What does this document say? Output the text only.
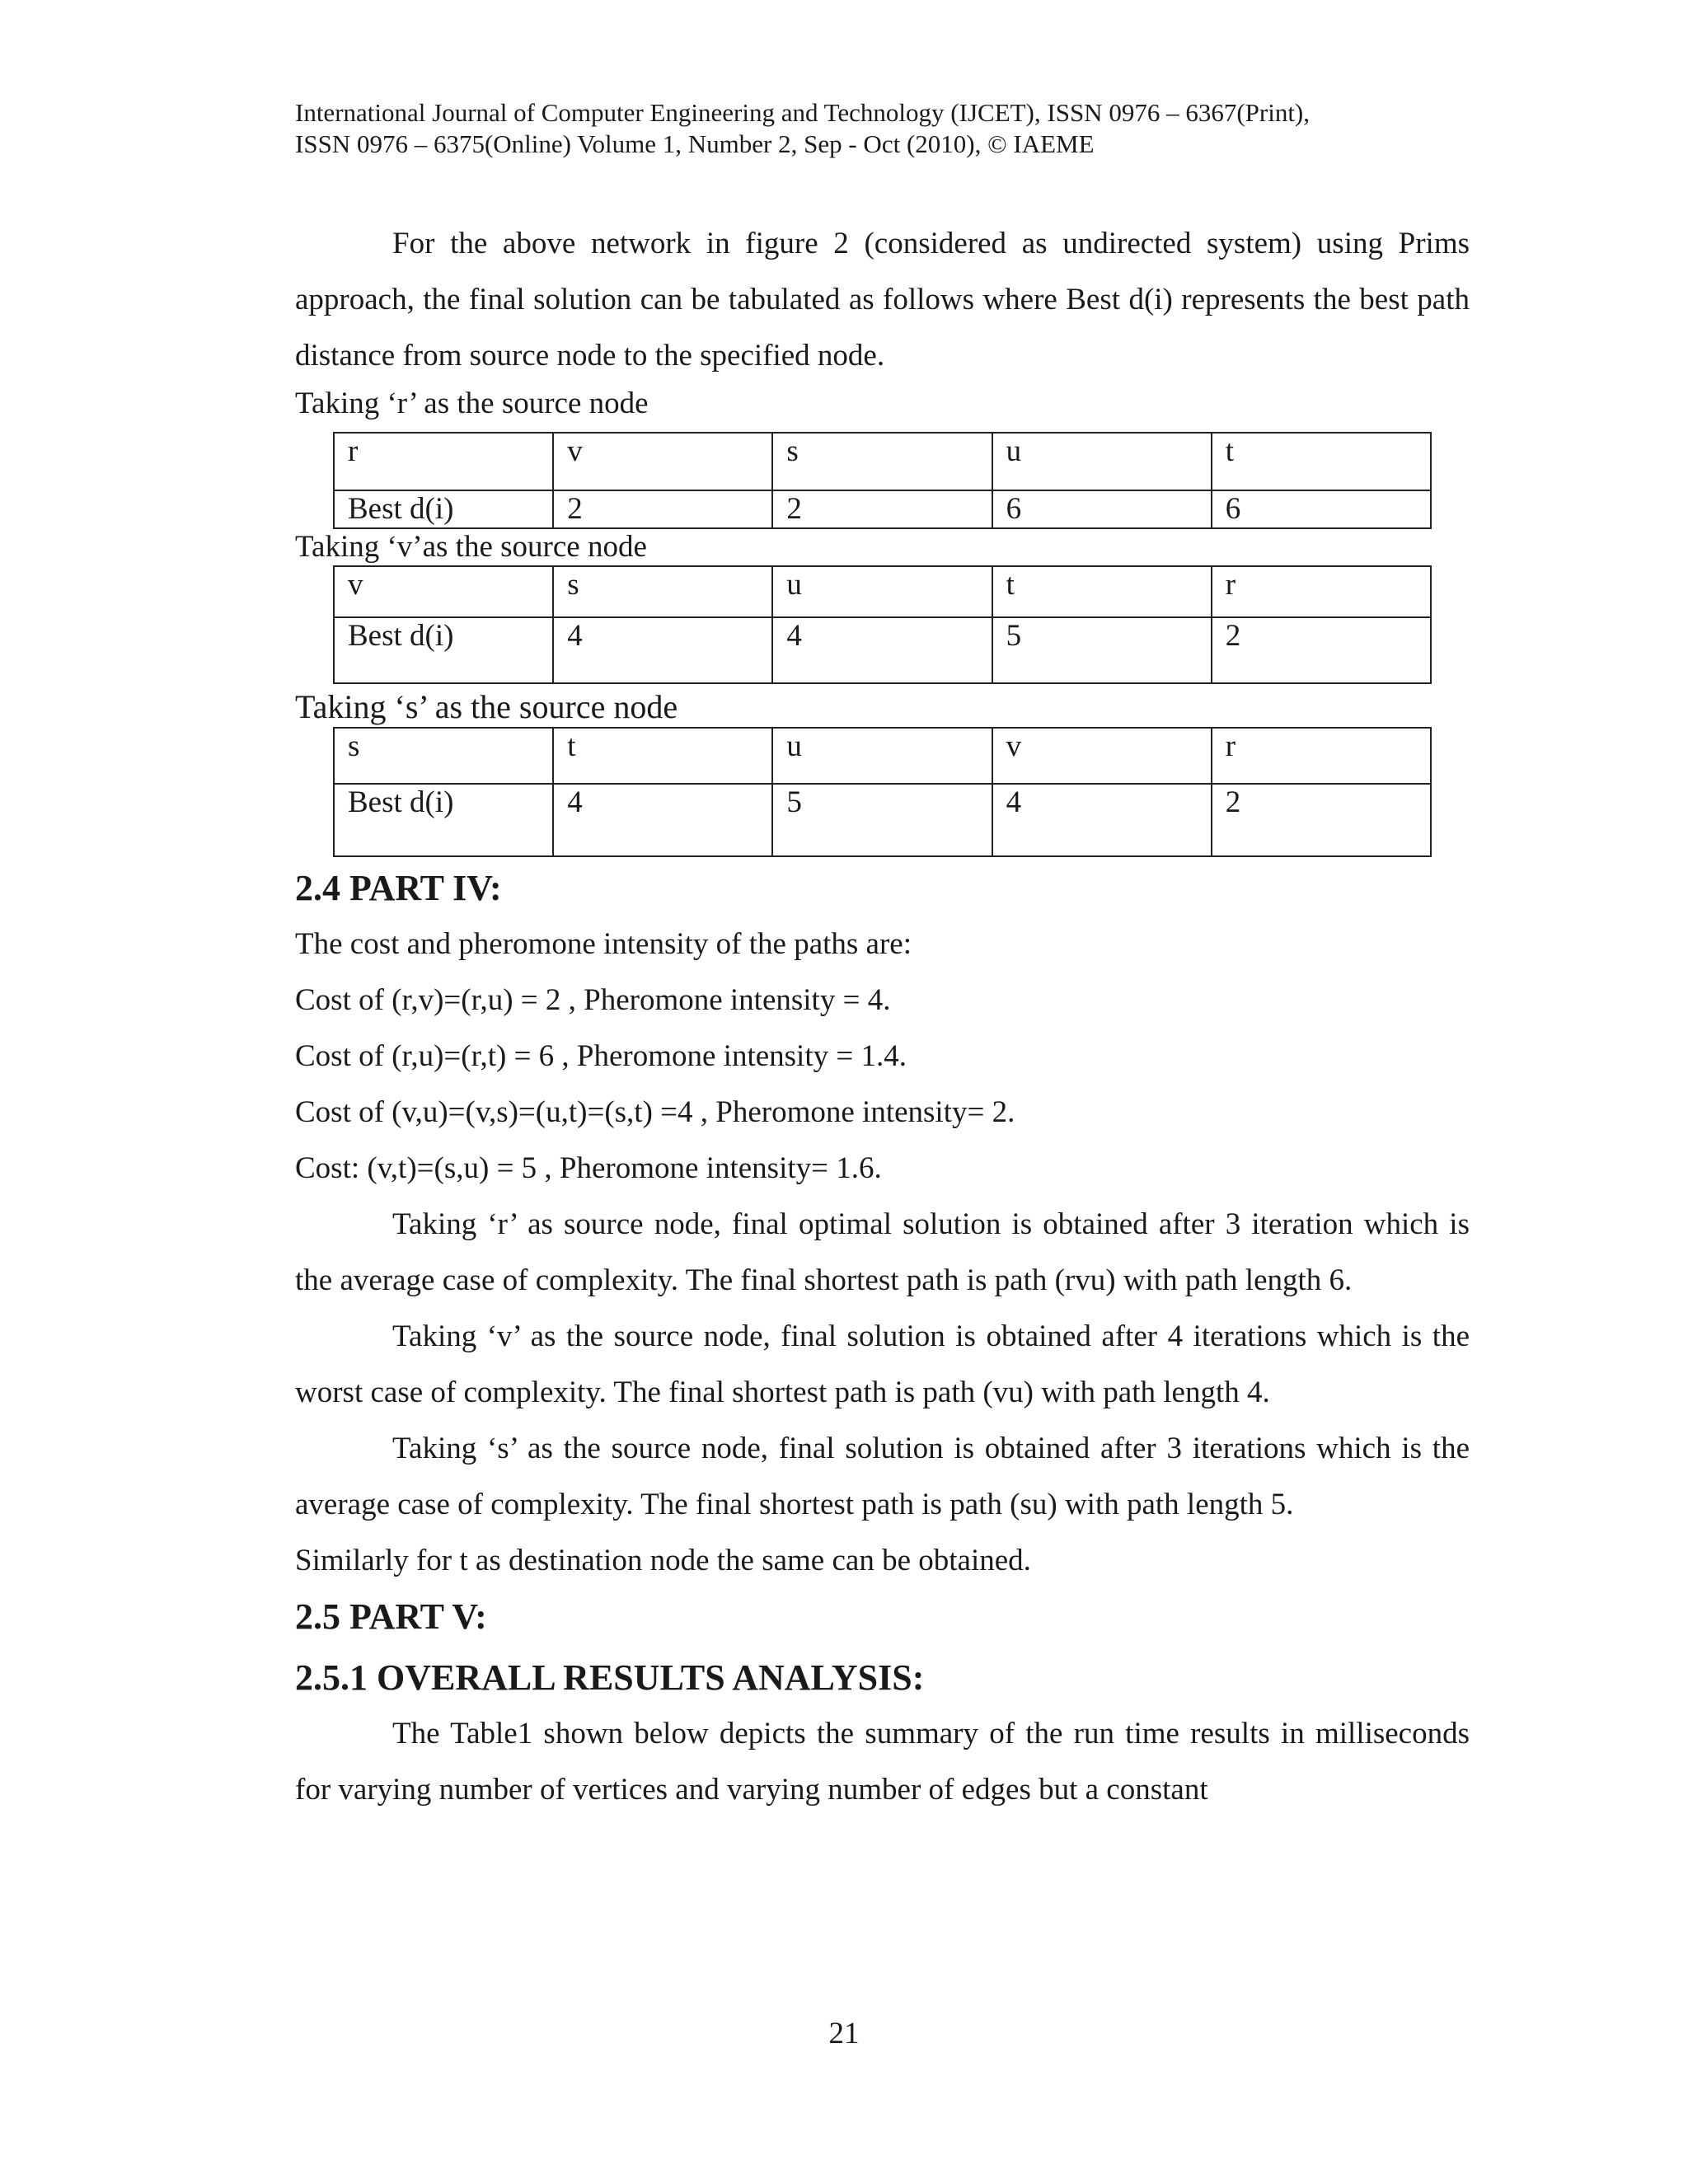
International Journal of Computer Engineering and Technology (IJCET), ISSN 0976 – 6367(Print),
ISSN 0976 – 6375(Online) Volume 1, Number 2, Sep - Oct (2010), © IAEME

For the above network in figure 2 (considered as undirected system) using Prims approach, the final solution can be tabulated as follows where Best d(i) represents the best path distance from source node to the specified node.

Taking ‘r’ as the source node
r	v	s	u	t
Best d(i)	2	2	6	6
Taking ‘v’as the source node
v	s	u	t	r
Best d(i)	4	4	5	2
Taking ‘s’ as the source node
s	t	u	v	r
Best d(i)	4	5	4	2
2.4 PART IV:

The cost and pheromone intensity of the paths are:

Cost of (r,v)=(r,u) = 2 , Pheromone intensity = 4.

Cost of (r,u)=(r,t) = 6 , Pheromone intensity = 1.4.

Cost of (v,u)=(v,s)=(u,t)=(s,t) =4 , Pheromone intensity= 2.

Cost: (v,t)=(s,u) = 5 , Pheromone intensity= 1.6.

Taking ‘r’ as source node, final optimal solution is obtained after 3 iteration which is the average case of complexity. The final shortest path is path (rvu) with path length 6.

Taking ‘v’ as the source node, final solution is obtained after 4 iterations which is the worst case of complexity. The final shortest path is path (vu) with path length 4.

Taking ‘s’ as the source node, final solution is obtained after 3 iterations which is the average case of complexity. The final shortest path is path (su) with path length 5.

Similarly for t as destination node the same can be obtained.

2.5 PART V:
2.5.1 OVERALL RESULTS ANALYSIS:

The Table1 shown below depicts the summary of the run time results in milliseconds for varying number of vertices and varying number of edges but a constant

21
